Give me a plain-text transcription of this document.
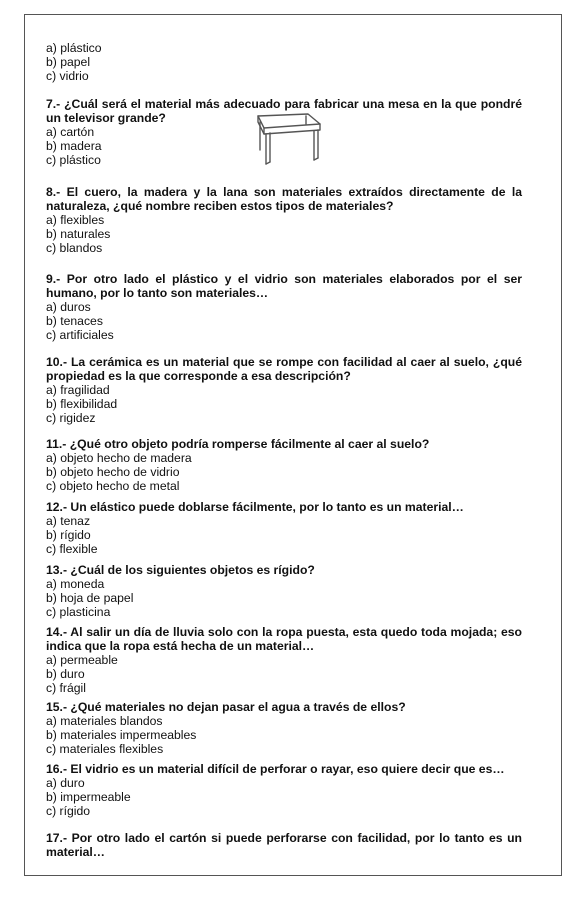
a) plástico
b) papel
c) vidrio
7.- ¿Cuál será el material más adecuado para fabricar una mesa en la que pondré un televisor grande?
a) cartón
b) madera
c) plástico
8.- El cuero, la madera y la lana son materiales extraídos directamente de la naturaleza, ¿qué nombre reciben estos tipos de materiales?
a) flexibles
b) naturales
c) blandos
9.- Por otro lado el plástico y el vidrio son materiales elaborados por el ser humano, por lo tanto son materiales…
a) duros
b) tenaces
c) artificiales
10.- La cerámica es un material que se rompe con facilidad al caer al suelo, ¿qué propiedad es la que corresponde a esa descripción?
a) fragilidad
b) flexibilidad
c) rigidez
11.- ¿Qué otro objeto podría romperse fácilmente al caer al suelo?
a) objeto hecho de madera
b) objeto hecho de vidrio
c) objeto hecho de metal
12.- Un elástico puede doblarse fácilmente, por lo tanto es un material…
a) tenaz
b) rígido
c) flexible
13.- ¿Cuál de los siguientes objetos es rígido?
a) moneda
b) hoja de papel
c) plasticina
14.- Al salir un día de lluvia solo con la ropa puesta, esta quedo toda mojada; eso indica que la ropa está hecha de un material…
a) permeable
b) duro
c) frágil
15.- ¿Qué materiales no dejan pasar el agua a través de ellos?
a) materiales blandos
b) materiales impermeables
c) materiales flexibles
16.- El vidrio es un material difícil de perforar o rayar, eso quiere decir que es…
a) duro
b) impermeable
c) rígido
17.- Por otro lado el cartón si puede perforarse con facilidad, por lo tanto es un material…
